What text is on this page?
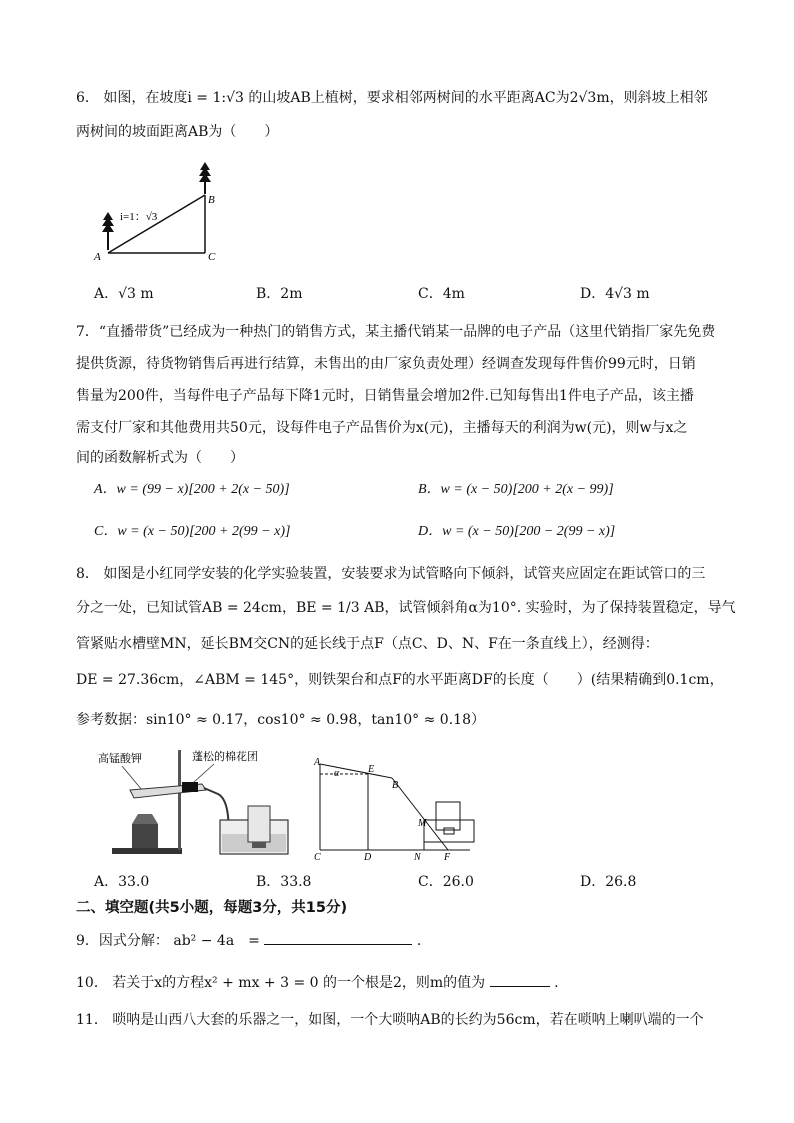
6． 如图，在坡度i = 1:√3 的山坡AB上植树，要求相邻两树间的水平距离AC为2√3m，则斜坡上相邻
两树间的坡面距离AB为（　　）
A
B
C
i=1：√3
A．√3 m	B．2m	C．4m	D．4√3 m
7．“直播带货”已经成为一种热门的销售方式，某主播代销某一品牌的电子产品（这里代销指厂家先免费
提供货源，待货物销售后再进行结算，未售出的由厂家负责处理）经调查发现每件售价99元时，日销
售量为200件，当每件电子产品每下降1元时，日销售量会增加2件.已知每售出1件电子产品，该主播
需支付厂家和其他费用共50元，设每件电子产品售价为x(元)，主播每天的利润为w(元)，则w与x之
间的函数解析式为（　　）
A．w = (99 − x)[200 + 2(x − 50)]	B．w = (x − 50)[200 + 2(x − 99)]
C．w = (x − 50)[200 + 2(99 − x)]	D．w = (x − 50)[200 − 2(99 − x)]
8． 如图是小红同学安装的化学实验装置，安装要求为试管略向下倾斜，试管夹应固定在距试管口的三
分之一处，已知试管AB = 24cm，BE = 1/3 AB，试管倾斜角α为10°. 实验时，为了保持装置稳定，导气
管紧贴水槽壁MN，延长BM交CN的延长线于点F（点C、D、N、F在一条直线上），经测得：
DE = 27.36cm，∠ABM = 145°，则铁架台和点F的水平距离DF的长度（　　）(结果精确到0.1cm，
参考数据：sin10° ≈ 0.17，cos10° ≈ 0.98，tan10° ≈ 0.18）
高锰酸钾	蓬松的棉花团	A
E
B
M
C	D	N F
α
A．33.0	B．33.8	C．26.0	D．26.8
二、填空题(共5小题，每题3分，共15分)
9．因式分解： ab² − 4a　=	.
10． 若关于x的方程x² + mx + 3 = 0 的一个根是2，则m的值为	.
11． 唢呐是山西八大套的乐器之一，如图，一个大唢呐AB的长约为56cm，若在唢呐上喇叭端的一个
